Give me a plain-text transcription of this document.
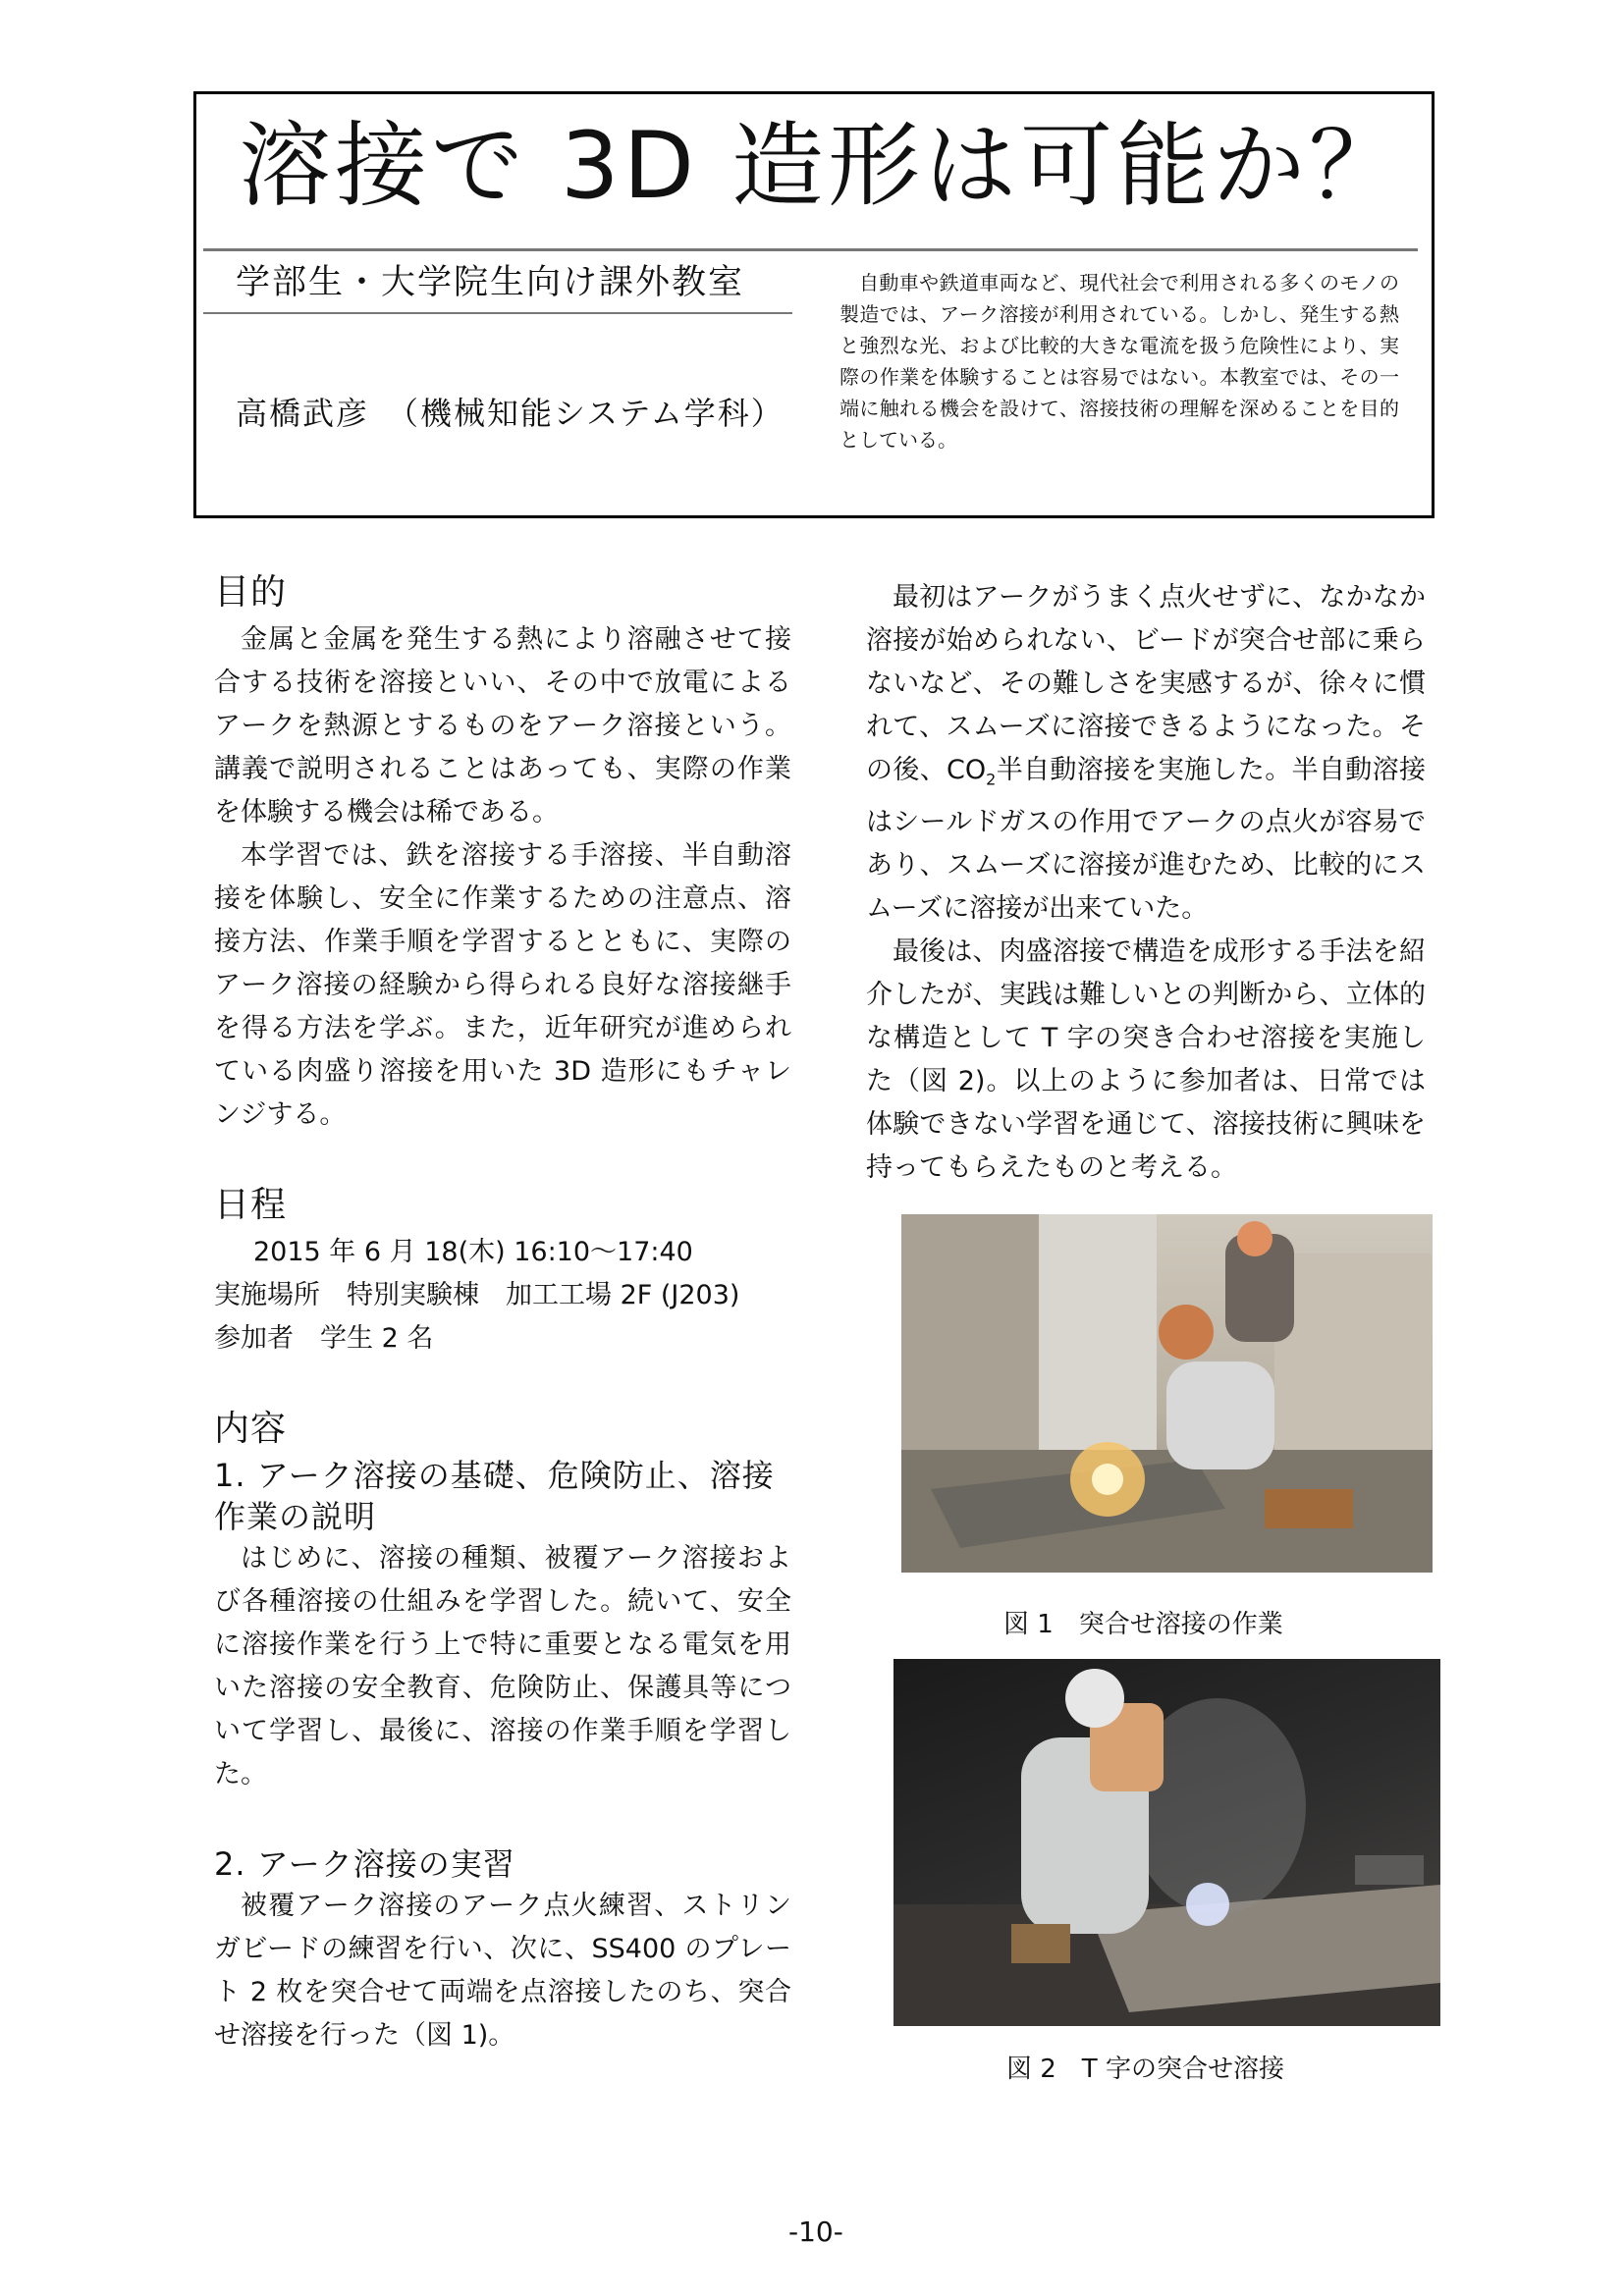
溶接で 3D 造形は可能か？
学部生・大学院生向け課外教室
高橋武彦　（機械知能システム学科）

自動車や鉄道車両など、現代社会で利用される多くのモノの製造では、アーク溶接が利用されている。しかし、発生する熱と強烈な光、および比較的大きな電流を扱う危険性により、実際の作業を体験することは容易ではない。本教室では、その一端に触れる機会を設けて、溶接技術の理解を深めることを目的としている。

目的

金属と金属を発生する熱により溶融させて接合する技術を溶接といい、その中で放電によるアークを熱源とするものをアーク溶接という。講義で説明されることはあっても、実際の作業を体験する機会は稀である。

本学習では、鉄を溶接する手溶接、半自動溶接を体験し、安全に作業するための注意点、溶接方法、作業手順を学習するとともに、実際のアーク溶接の経験から得られる良好な溶接継手を得る方法を学ぶ。また，近年研究が進められている肉盛り溶接を用いた 3D 造形にもチャレンジする。

日程

2015 年 6 月 18(木) 16:10～17:40

実施場所　特別実験棟　加工工場 2F (J203)

参加者　学生 2 名

内容
1. アーク溶接の基礎、危険防止、溶接作業の説明

はじめに、溶接の種類、被覆アーク溶接および各種溶接の仕組みを学習した。続いて、安全に溶接作業を行う上で特に重要となる電気を用いた溶接の安全教育、危険防止、保護具等について学習し、最後に、溶接の作業手順を学習した。

2. アーク溶接の実習

被覆アーク溶接のアーク点火練習、ストリンガビードの練習を行い、次に、SS400 のプレート 2 枚を突合せて両端を点溶接したのち、突合せ溶接を行った（図 1)。

最初はアークがうまく点火せずに、なかなか溶接が始められない、ビードが突合せ部に乗らないなど、その難しさを実感するが、徐々に慣れて、スムーズに溶接できるようになった。その後、$CO_2$半自動溶接を実施した。半自動溶接はシールドガスの作用でアークの点火が容易であり、スムーズに溶接が進むため、比較的にスムーズに溶接が出来ていた。

最後は、肉盛溶接で構造を成形する手法を紹介したが、実践は難しいとの判断から、立体的な構造として T 字の突き合わせ溶接を実施した（図 2)。以上のように参加者は、日常では体験できない学習を通じて、溶接技術に興味を持ってもらえたものと考える。

図 1　突合せ溶接の作業
図 2　T 字の突合せ溶接
-10-
